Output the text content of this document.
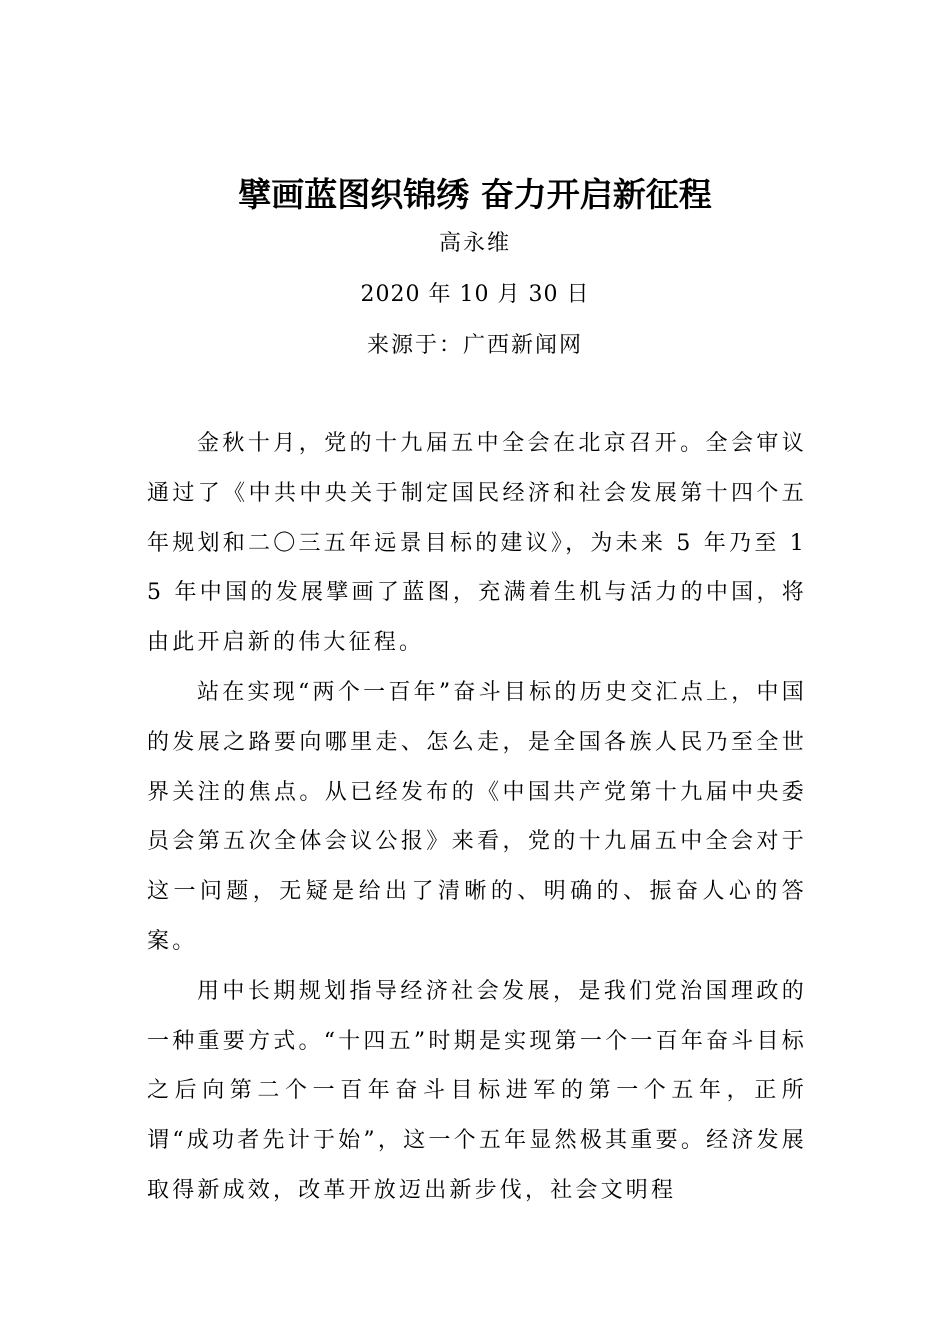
擘画蓝图织锦绣 奋力开启新征程
高永维
2020 年 10 月 30 日
来源于：广西新闻网

金秋十月，党的十九届五中全会在北京召开。全会审议通过了《中共中央关于制定国民经济和社会发展第十四个五年规划和二〇三五年远景目标的建议》，为未来 5 年乃至 15 年中国的发展擘画了蓝图，充满着生机与活力的中国，将由此开启新的伟大征程。

站在实现“两个一百年”奋斗目标的历史交汇点上，中国的发展之路要向哪里走、怎么走，是全国各族人民乃至全世界关注的焦点。从已经发布的《中国共产党第十九届中央委员会第五次全体会议公报》来看，党的十九届五中全会对于这一问题，无疑是给出了清晰的、明确的、振奋人心的答案。

用中长期规划指导经济社会发展，是我们党治国理政的一种重要方式。“十四五”时期是实现第一个一百年奋斗目标之后向第二个一百年奋斗目标进军的第一个五年，正所谓“成功者先计于始”，这一个五年显然极其重要。经济发展取得新成效，改革开放迈出新步伐，社会文明程
